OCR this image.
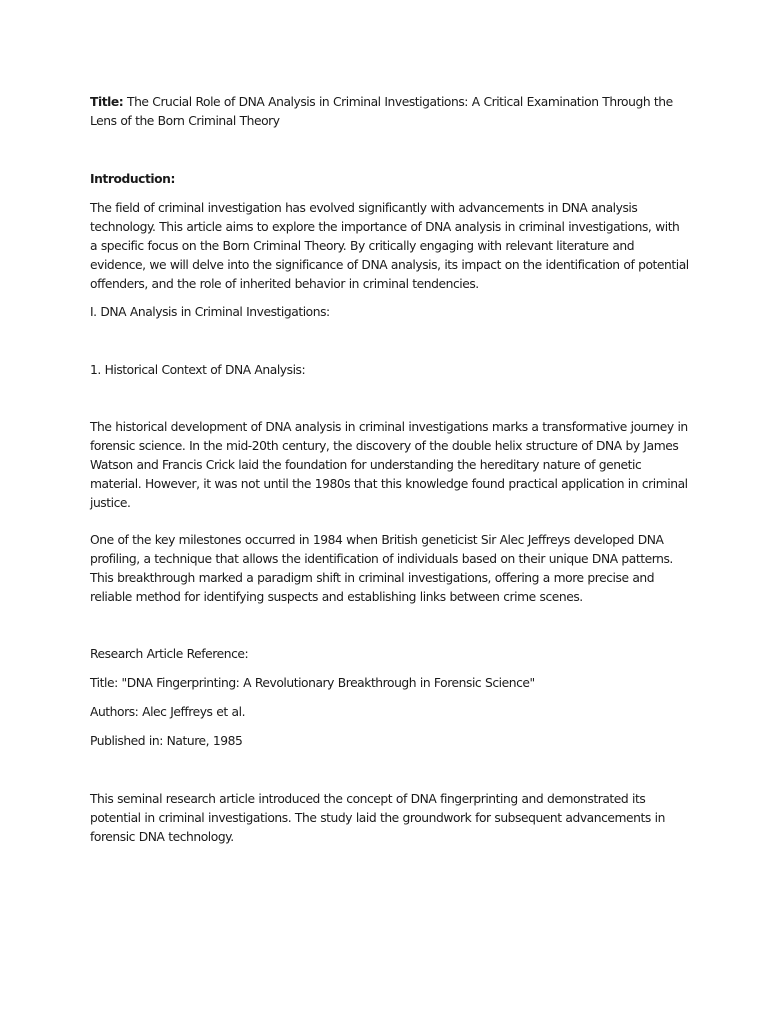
Title: The Crucial Role of DNA Analysis in Criminal Investigations: A Critical Examination Through the Lens of the Born Criminal Theory

Introduction:

The field of criminal investigation has evolved significantly with advancements in DNA analysis technology. This article aims to explore the importance of DNA analysis in criminal investigations, with a specific focus on the Born Criminal Theory. By critically engaging with relevant literature and evidence, we will delve into the significance of DNA analysis, its impact on the identification of potential offenders, and the role of inherited behavior in criminal tendencies.

I. DNA Analysis in Criminal Investigations:

1. Historical Context of DNA Analysis:

The historical development of DNA analysis in criminal investigations marks a transformative journey in forensic science. In the mid-20th century, the discovery of the double helix structure of DNA by James Watson and Francis Crick laid the foundation for understanding the hereditary nature of genetic material. However, it was not until the 1980s that this knowledge found practical application in criminal justice.

One of the key milestones occurred in 1984 when British geneticist Sir Alec Jeffreys developed DNA profiling, a technique that allows the identification of individuals based on their unique DNA patterns. This breakthrough marked a paradigm shift in criminal investigations, offering a more precise and reliable method for identifying suspects and establishing links between crime scenes.

Research Article Reference:

Title: "DNA Fingerprinting: A Revolutionary Breakthrough in Forensic Science"

Authors: Alec Jeffreys et al.

Published in: Nature, 1985

This seminal research article introduced the concept of DNA fingerprinting and demonstrated its potential in criminal investigations. The study laid the groundwork for subsequent advancements in forensic DNA technology.
